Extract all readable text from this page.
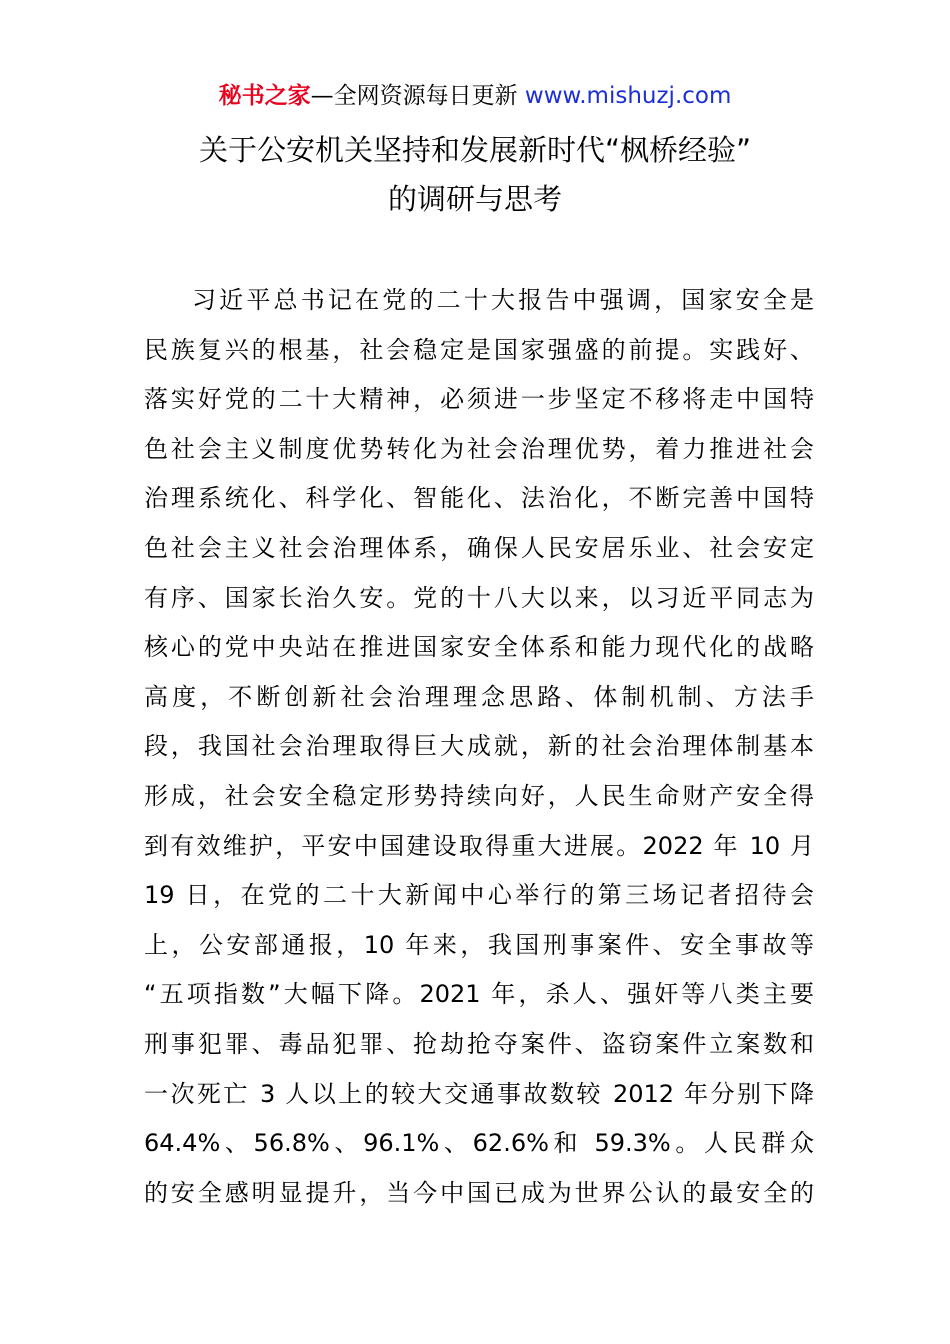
秘书之家—全网资源每日更新 www.mishuzj.com
关于公安机关坚持和发展新时代“枫桥经验”
的调研与思考
习近平总书记在党的二十大报告中强调，国家安全是
民族复兴的根基，社会稳定是国家强盛的前提。实践好、
落实好党的二十大精神，必须进一步坚定不移将走中国特
色社会主义制度优势转化为社会治理优势，着力推进社会
治理系统化、科学化、智能化、法治化，不断完善中国特
色社会主义社会治理体系，确保人民安居乐业、社会安定
有序、国家长治久安。党的十八大以来，以习近平同志为
核心的党中央站在推进国家安全体系和能力现代化的战略
高度，不断创新社会治理理念思路、体制机制、方法手
段，我国社会治理取得巨大成就，新的社会治理体制基本
形成，社会安全稳定形势持续向好，人民生命财产安全得
到有效维护，平安中国建设取得重大进展。2022 年 10 月
19 日，在党的二十大新闻中心举行的第三场记者招待会
上，公安部通报，10 年来，我国刑事案件、安全事故等
“五项指数”大幅下降。2021 年，杀人、强奸等八类主要
刑事犯罪、毒品犯罪、抢劫抢夺案件、盗窃案件立案数和
一次死亡 3 人以上的较大交通事故数较 2012 年分别下降
64.4%、56.8%、96.1%、62.6%和 59.3%。人民群众
的安全感明显提升，当今中国已成为世界公认的最安全的
